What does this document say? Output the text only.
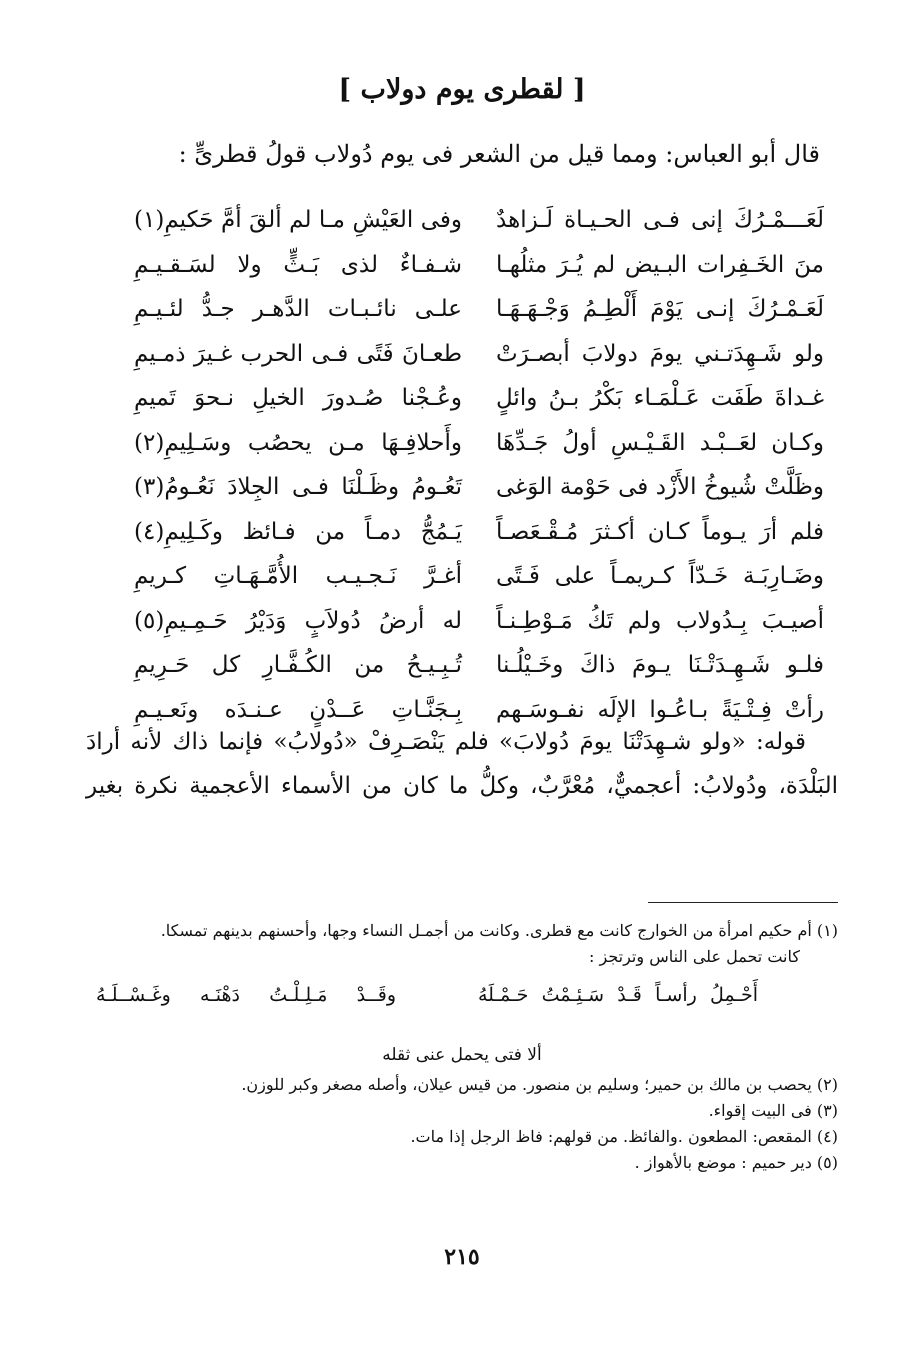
[ لقطرى يوم دولاب ]
قال أبو العباس: ومما قيل من الشعر فى يوم دُولاب قولُ قطرىٍّ :
لَعَـــمْـرُكَ إنى فـى الحـيـاة لَـزاهدٌ
وفى العَيْشِ مـا لم ألقَ أمَّ حَكيمِ(١)
منَ الخَـفِرات البـيض لم يُـرَ مثلُهـا
شـفـاءٌ لذى بَـثٍّ ولا لسَـقـيـمِ
لَعَـمْـرُكَ إنـى يَوْمَ أَلْطِـمُ وَجْـهَـهَـا
علـى نائـبـات الدَّهـر جـدُّ لئـيـمِ
ولو شَـهِدَتـني يومَ دولابَ أبصـرَتْ
طعـانَ فَتًى فـى الحرب غـيرَ ذمـيمِ
غـداةَ طَفَت عَـلْمَـاء بَكْرُ بـنُ وائلٍ
وعُـجْنا صُـدورَ الخيلِ نـحوَ تَميمِ
وكـان لعَــبْـد القَـيْـسِ أولُ جَـدِّهَا
وأَحلافِـهَا مـن يحصُب وسَـلِيمِ(٢)
وظَلَّتْ شُيوخُ الأَزْد فى حَوْمة الوَغى
تَعُـومُ وظَـلْنَا فـى الجِلادَ نَعُـومُ(٣)
فلم أرَ يـوماً كـان أكـثرَ مُـقْـعَصـاً
يَـمُجُّ دمـاً من فـائظ وكَـلِيمِ(٤)
وضَـارِبَـة خَـدّاً كـريمـاً على فَـتًى
أغـرَّ نَـجـيـب الأُمَّـهَـاتِ كـريمِ
أصيـبَ بِـدُولاب ولم تَكُ مَـوْطِـنـاً
له أرضُ دُولاَبٍ وَدَيْرُ حَـمِـيمِ(٥)
فلـو شَـهِـدَتْـنَا يـومَ ذاكَ وخَـيْلُـنا
تُـبِـيـحُ من الكُـفَّـارِ كل حَـرِيمِ
رأتْ فِـتْـيَةً بـاعُـوا الإلَه نفـوسَـهم
بِـجَنَّـاتِ عَــدْنٍ عـنـدَه ونَعـيـمِ

قوله: «ولو شـهِدَتْنَا يومَ دُولابَ» فلم يَنْصَـرِفْ «دُولابُ» فإنما ذاك لأنه أرادَ

البَلْدَة، ودُولابُ: أعجميٌّ، مُعْرَّبٌ، وكلُّ ما كان من الأسماء الأعجمية نكرة بغير

(١) أم حكيم امرأة من الخوارج كانت مع قطرى. وكانت من أجمـل النساء وجها، وأحسنهم بدينهم تمسكا.
كانت تحمل على الناس وترتجز :
أَحْـمِلُ رأسـاً قَـدْ سَـئِـمْتُ حَـمْـلَهُ
وقَــدْ مَـلِـلْـتُ دَهْنَـه وغَـسْــلَـهُ
ألا فتى يحمل عنى ثقله
(٢) يحصب بن مالك بن حمير؛ وسليم بن منصور. من قيس عيلان، وأصله مصغر وكبر للوزن.
(٣) فى البيت إقواء.
(٤) المقعص: المطعون .والفائظ. من قولهم: فاظ الرجل إذا مات.
(٥) دير حميم : موضع بالأهواز .
٢١٥
